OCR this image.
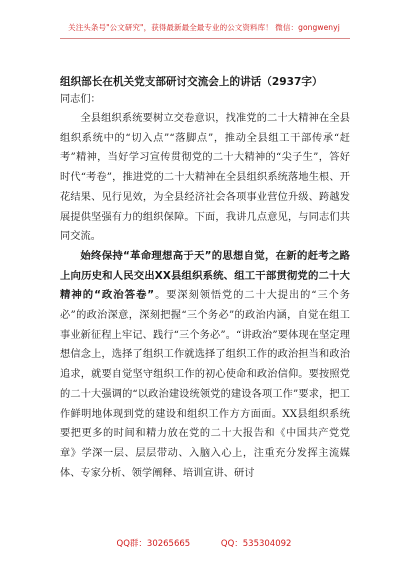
关注头条号"公文研究"，获得最新最全最专业的公文资料库！ 微信：gongwenyj

组织部长在机关党支部研讨交流会上的讲话（2937字）

同志们：

全县组织系统要树立交卷意识，找准党的二十大精神在全县组织系统中的“切入点”“落脚点”，推动全县组工干部传承“赶考”精神，当好学习宣传贯彻党的二十大精神的“尖子生”，答好时代“考卷”，推进党的二十大精神在全县组织系统落地生根、开花结果、见行见效，为全县经济社会各项事业营位升级、跨越发展提供坚强有力的组织保障。下面，我讲几点意见，与同志们共同交流。

始终保持“革命理想高于天”的思想自觉，在新的赶考之路上向历史和人民交出XX县组织系统、组工干部贯彻党的二十大精神的“政治答卷”。要深刻领悟党的二十大提出的“三个务必”的政治深意，深刻把握“三个务必”的政治内涵，自觉在组工事业新征程上牢记、践行“三个务必”。“讲政治”要体现在坚定理想信念上，选择了组织工作就选择了组织工作的政治担当和政治追求，就要自觉坚守组织工作的初心使命和政治信仰。要按照党的二十大强调的“以政治建设统领党的建设各项工作”要求，把工作鲜明地体现到党的建设和组织工作方方面面。XX县组织系统要把更多的时间和精力放在党的二十大报告和《中国共产党党章》学深一层、层层带动、入脑入心上，注重充分发挥主流媒体、专家分析、领学阐释、培训宣讲、研讨

QQ群：30265665	QQ：535304092
